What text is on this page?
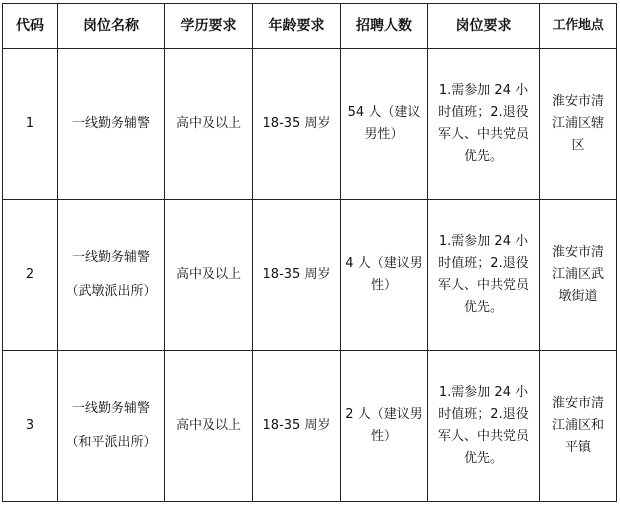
代码	岗位名称	学历要求	年龄要求	招聘人数	岗位要求	工作地点
1	一线勤务辅警	高中及以上	18-35 周岁	54 人（建议
男性）	1.需参加 24 小
时值班；2.退役
军人、中共党员
优先。	淮安市清
江浦区辖
区
2	一线勤务辅警
（武墩派出所）	高中及以上	18-35 周岁	4 人（建议男
性）	1.需参加 24 小
时值班；2.退役
军人、中共党员
优先。	淮安市清
江浦区武
墩街道
3	一线勤务辅警
（和平派出所）	高中及以上	18-35 周岁	2 人（建议男
性）	1.需参加 24 小
时值班；2.退役
军人、中共党员
优先。	淮安市清
江浦区和
平镇
